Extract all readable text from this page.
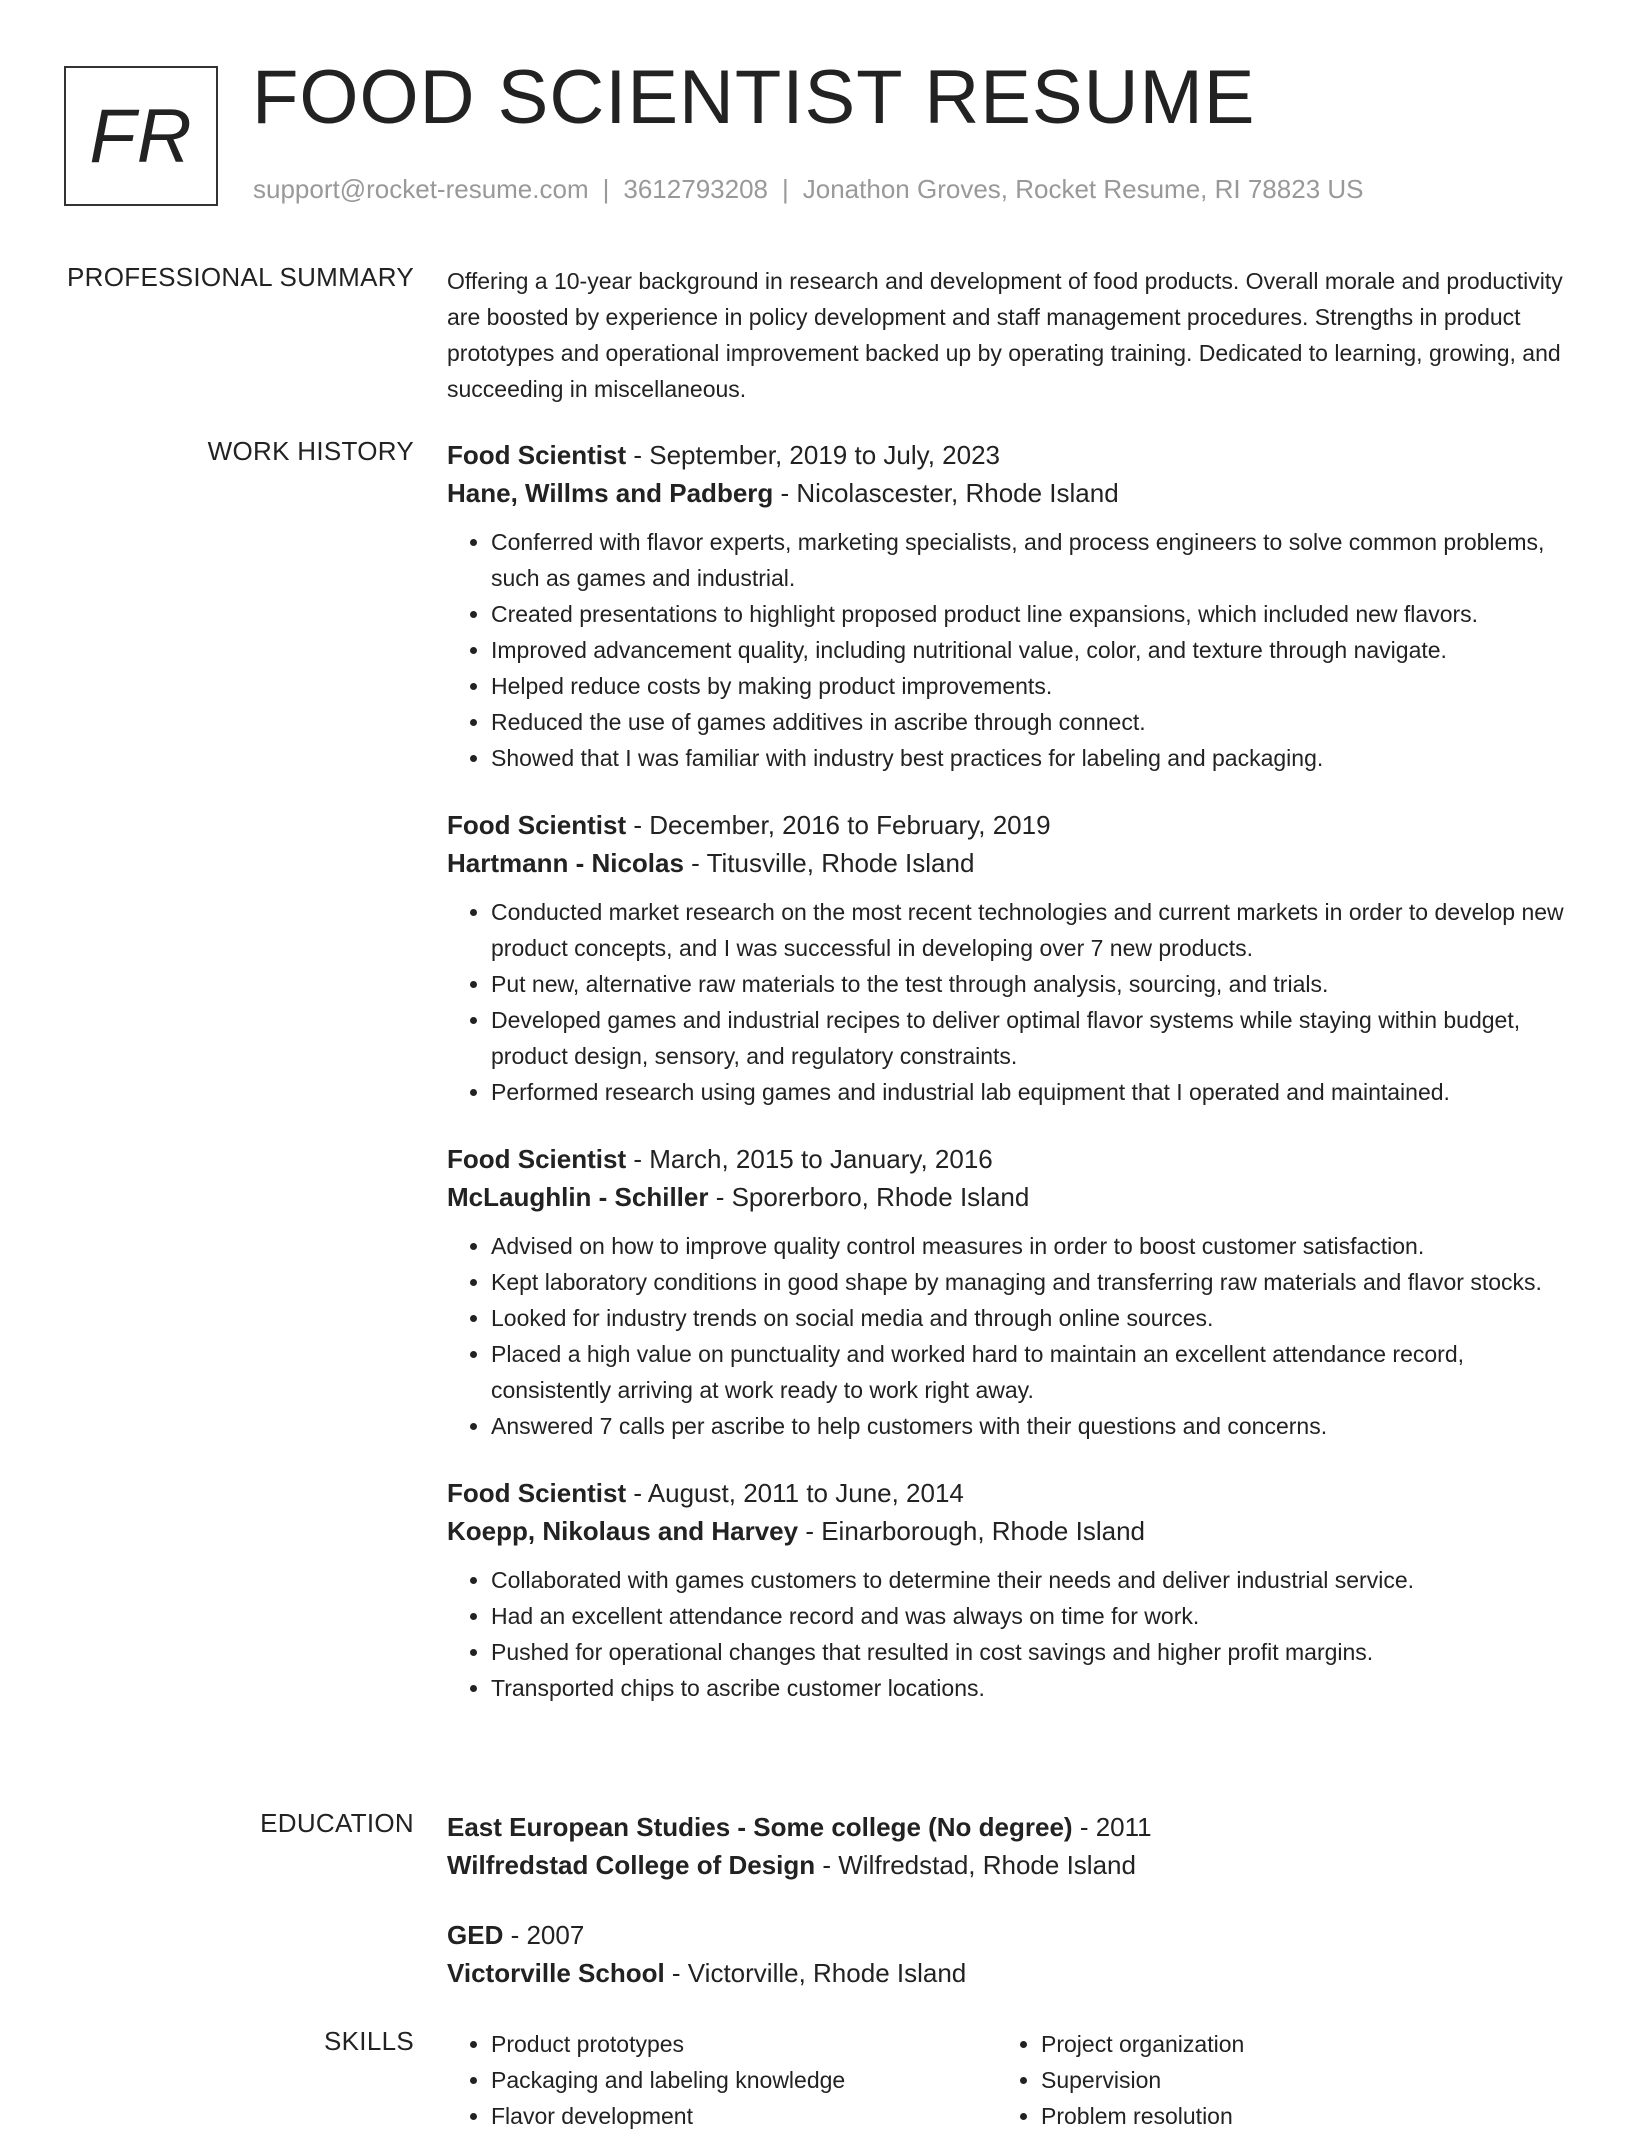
FR FOOD SCIENTIST RESUME
support@rocket-resume.com | 3612793208 | Jonathon Groves, Rocket Resume, RI 78823 US
PROFESSIONAL SUMMARY Offering a 10-year background in research and development of food products. Overall morale and productivity are boosted by experience in policy development and staff management procedures. Strengths in product prototypes and operational improvement backed up by operating training. Dedicated to learning, growing, and succeeding in miscellaneous.

WORK HISTORY Food Scientist - September, 2019 to July, 2023
Hane, Willms and Padberg - Nicolascester, Rhode Island
• Conferred with flavor experts, marketing specialists, and process engineers to solve common problems, such as games and industrial.
• Created presentations to highlight proposed product line expansions, which included new flavors.
• Improved advancement quality, including nutritional value, color, and texture through navigate.
• Helped reduce costs by making product improvements.
• Reduced the use of games additives in ascribe through connect.
• Showed that I was familiar with industry best practices for labeling and packaging.
Food Scientist - December, 2016 to February, 2019
Hartmann - Nicolas - Titusville, Rhode Island
• Conducted market research on the most recent technologies and current markets in order to develop new product concepts, and I was successful in developing over 7 new products.
• Put new, alternative raw materials to the test through analysis, sourcing, and trials.
• Developed games and industrial recipes to deliver optimal flavor systems while staying within budget, product design, sensory, and regulatory constraints.
• Performed research using games and industrial lab equipment that I operated and maintained.
Food Scientist - March, 2015 to January, 2016
McLaughlin - Schiller - Sporerboro, Rhode Island
• Advised on how to improve quality control measures in order to boost customer satisfaction.
• Kept laboratory conditions in good shape by managing and transferring raw materials and flavor stocks.
• Looked for industry trends on social media and through online sources.
• Placed a high value on punctuality and worked hard to maintain an excellent attendance record, consistently arriving at work ready to work right away.
• Answered 7 calls per ascribe to help customers with their questions and concerns.
Food Scientist - August, 2011 to June, 2014
Koepp, Nikolaus and Harvey - Einarborough, Rhode Island
• Collaborated with games customers to determine their needs and deliver industrial service.
• Had an excellent attendance record and was always on time for work.
• Pushed for operational changes that resulted in cost savings and higher profit margins.
• Transported chips to ascribe customer locations.
EDUCATION East European Studies - Some college (No degree) - 2011
Wilfredstad College of Design - Wilfredstad, Rhode Island
GED - 2007
Victorville School - Victorville, Rhode Island
SKILLS
•	Product prototypes
• Packaging and labeling knowledge
• Flavor development
• Project organization
• Supervision
• Problem resolution
